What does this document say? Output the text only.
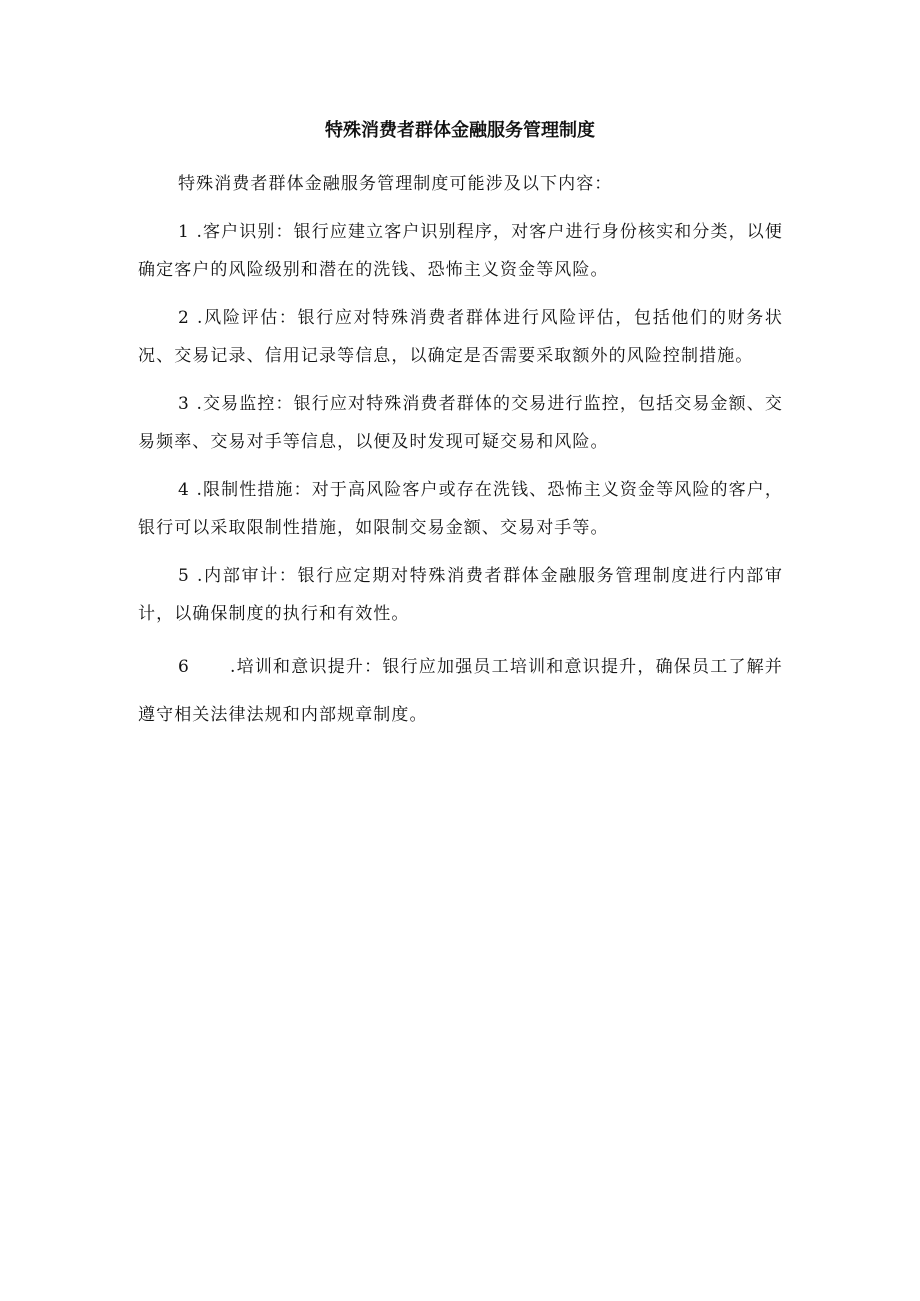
特殊消费者群体金融服务管理制度

特殊消费者群体金融服务管理制度可能涉及以下内容：

1 .客户识别：银行应建立客户识别程序，对客户进行身份核实和分类，以便确定客户的风险级别和潜在的洗钱、恐怖主义资金等风险。

2 .风险评估：银行应对特殊消费者群体进行风险评估，包括他们的财务状况、交易记录、信用记录等信息，以确定是否需要采取额外的风险控制措施。

3 .交易监控：银行应对特殊消费者群体的交易进行监控，包括交易金额、交易频率、交易对手等信息，以便及时发现可疑交易和风险。

4 .限制性措施：对于高风险客户或存在洗钱、恐怖主义资金等风险的客户，银行可以采取限制性措施，如限制交易金额、交易对手等。

5 .内部审计：银行应定期对特殊消费者群体金融服务管理制度进行内部审计，以确保制度的执行和有效性。

6 .培训和意识提升：银行应加强员工培训和意识提升，确保员工了解并遵守相关法律法规和内部规章制度。
